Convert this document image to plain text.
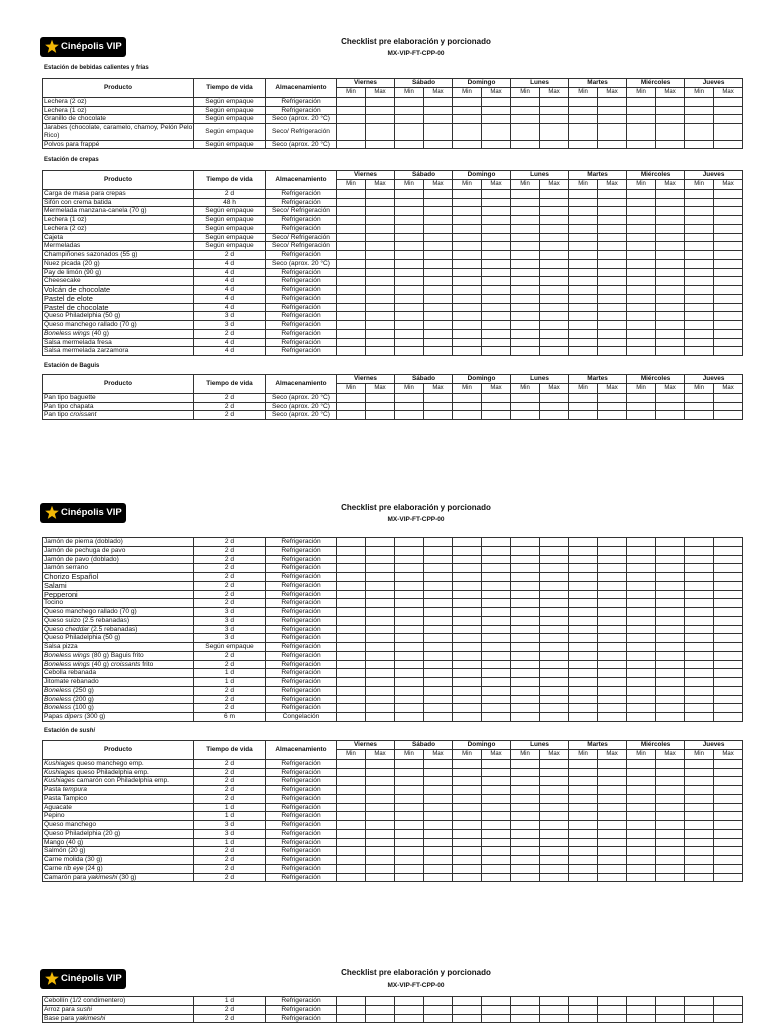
Cinépolis VIP	Checklist pre elaboración y porcionado
MX-VIP-FT-CPP-00
Estación de bebidas calientes y frías
Producto	Tiempo de vida	Almacenamiento	Viernes		Sábado		Domingo		Lunes		Martes		Miércoles		Jueves	
			Min	Max	Min	Max	Min	Max	Min	Max	Min	Max	Min	Max	Min	Max
Lechera (2 oz)	Según empaque	Refrigeración														
Lechera (1 oz)	Según empaque	Refrigeración														
Granillo de chocolate	Según empaque	Seco (aprox. 20 °C)														
Jarabes (chocolate, caramelo, chamoy, Pelón Pelo Rico)	Según empaque	Seco/ Refrigeración														
Polvos para frappé	Según empaque	Seco (aprox. 20 °C)														
Estación de crepas
Producto	Tiempo de vida	Almacenamiento	Viernes		Sábado		Domingo		Lunes		Martes		Miércoles		Jueves	
			Min	Max	Min	Max	Min	Max	Min	Max	Min	Max	Min	Max	Min	Max
Carga de masa para crepas	2 d	Refrigeración														
Sifón con crema batida	48 h	Refrigeración														
Mermelada manzana-canela (70 g)	Según empaque	Seco/ Refrigeración														
Lechera (1 oz)	Según empaque	Refrigeración														
Lechera (2 oz)	Según empaque	Refrigeración														
Cajeta	Según empaque	Seco/ Refrigeración														
Mermeladas	Según empaque	Seco/ Refrigeración														
Champiñones sazonados (55 g)	2 d	Refrigeración														
Nuez picada (20 g)	4 d	Seco (aprox. 20 °C)														
Pay de limón (90 g)	4 d	Refrigeración														
Cheesecake	4 d	Refrigeración														
Volcán de chocolate	4 d	Refrigeración														
Pastel de elote	4 d	Refrigeración														
Pastel de chocolate	4 d	Refrigeración														
Queso Philadelphia (50 g)	3 d	Refrigeración														
Queso manchego rallado (70 g)	3 d	Refrigeración														
Boneless wings (40 g)	2 d	Refrigeración														
Salsa mermelada fresa	4 d	Refrigeración														
Salsa mermelada zarzamora	4 d	Refrigeración														
Estación de Baguis
Producto	Tiempo de vida	Almacenamiento	Viernes		Sábado		Domingo		Lunes		Martes		Miércoles		Jueves	
			Min	Max	Min	Max	Min	Max	Min	Max	Min	Max	Min	Max	Min	Max
Pan tipo baguette	2 d	Seco (aprox. 20 °C)														
Pan tipo chapata	2 d	Seco (aprox. 20 °C)														
Pan tipo croissant	2 d	Seco (aprox. 20 °C)														
Cinépolis VIP	Checklist pre elaboración y porcionado
MX-VIP-FT-CPP-00
Jamón de pierna (doblado)	2 d	Refrigeración														
Jamón de pechuga de pavo	2 d	Refrigeración														
Jamón de pavo (doblado)	2 d	Refrigeración														
Jamón serrano	2 d	Refrigeración														
Chorizo Español	2 d	Refrigeración														
Salami	2 d	Refrigeración														
Pepperoni	2 d	Refrigeración														
Tocino	2 d	Refrigeración														
Queso manchego rallado (70 g)	3 d	Refrigeración														
Queso suizo (2.5 rebanadas)	3 d	Refrigeración														
Queso cheddar (2.5 rebanadas)	3 d	Refrigeración														
Queso Philadelphia (50 g)	3 d	Refrigeración														
Salsa pizza	Según empaque	Refrigeración														
Boneless wings (80 g) Baguis frito	2 d	Refrigeración														
Boneless wings (40 g) croissants frito	2 d	Refrigeración														
Cebolla rebanada	1 d	Refrigeración														
Jitomate rebanado	1 d	Refrigeración														
Boneless (250 g)	2 d	Refrigeración														
Boneless (200 g)	2 d	Refrigeración														
Boneless (100 g)	2 d	Refrigeración														
Papas dipers (300 g)	6 m	Congelación														
Estación de sushi
Producto	Tiempo de vida	Almacenamiento	Viernes		Sábado		Domingo		Lunes		Martes		Miércoles		Jueves	
			Min	Max	Min	Max	Min	Max	Min	Max	Min	Max	Min	Max	Min	Max
Kushiages queso manchego emp.	2 d	Refrigeración														
Kushiages queso Philadelphia emp.	2 d	Refrigeración														
Kushiages camarón con Philadelphia emp.	2 d	Refrigeración														
Pasta tempura	2 d	Refrigeración														
Pasta Tampico	2 d	Refrigeración														
Aguacate	1 d	Refrigeración														
Pepino	1 d	Refrigeración														
Queso manchego	3 d	Refrigeración														
Queso Philadelphia (20 g)	3 d	Refrigeración														
Mango (40 g)	1 d	Refrigeración														
Salmón (20 g)	2 d	Refrigeración														
Carne molida (30 g)	2 d	Refrigeración														
Carne rib eye (24 g)	2 d	Refrigeración														
Camarón para yakimeshi (30 g)	2 d	Refrigeración														
Cinépolis VIP
Checklist pre elaboración y porcionado
MX-VIP-FT-CPP-00
Cebollín (1/2 condimentero)	1 d	Refrigeración														
Arroz para sushi	2 d	Refrigeración														
Base para yakimeshi	2 d	Refrigeración														
